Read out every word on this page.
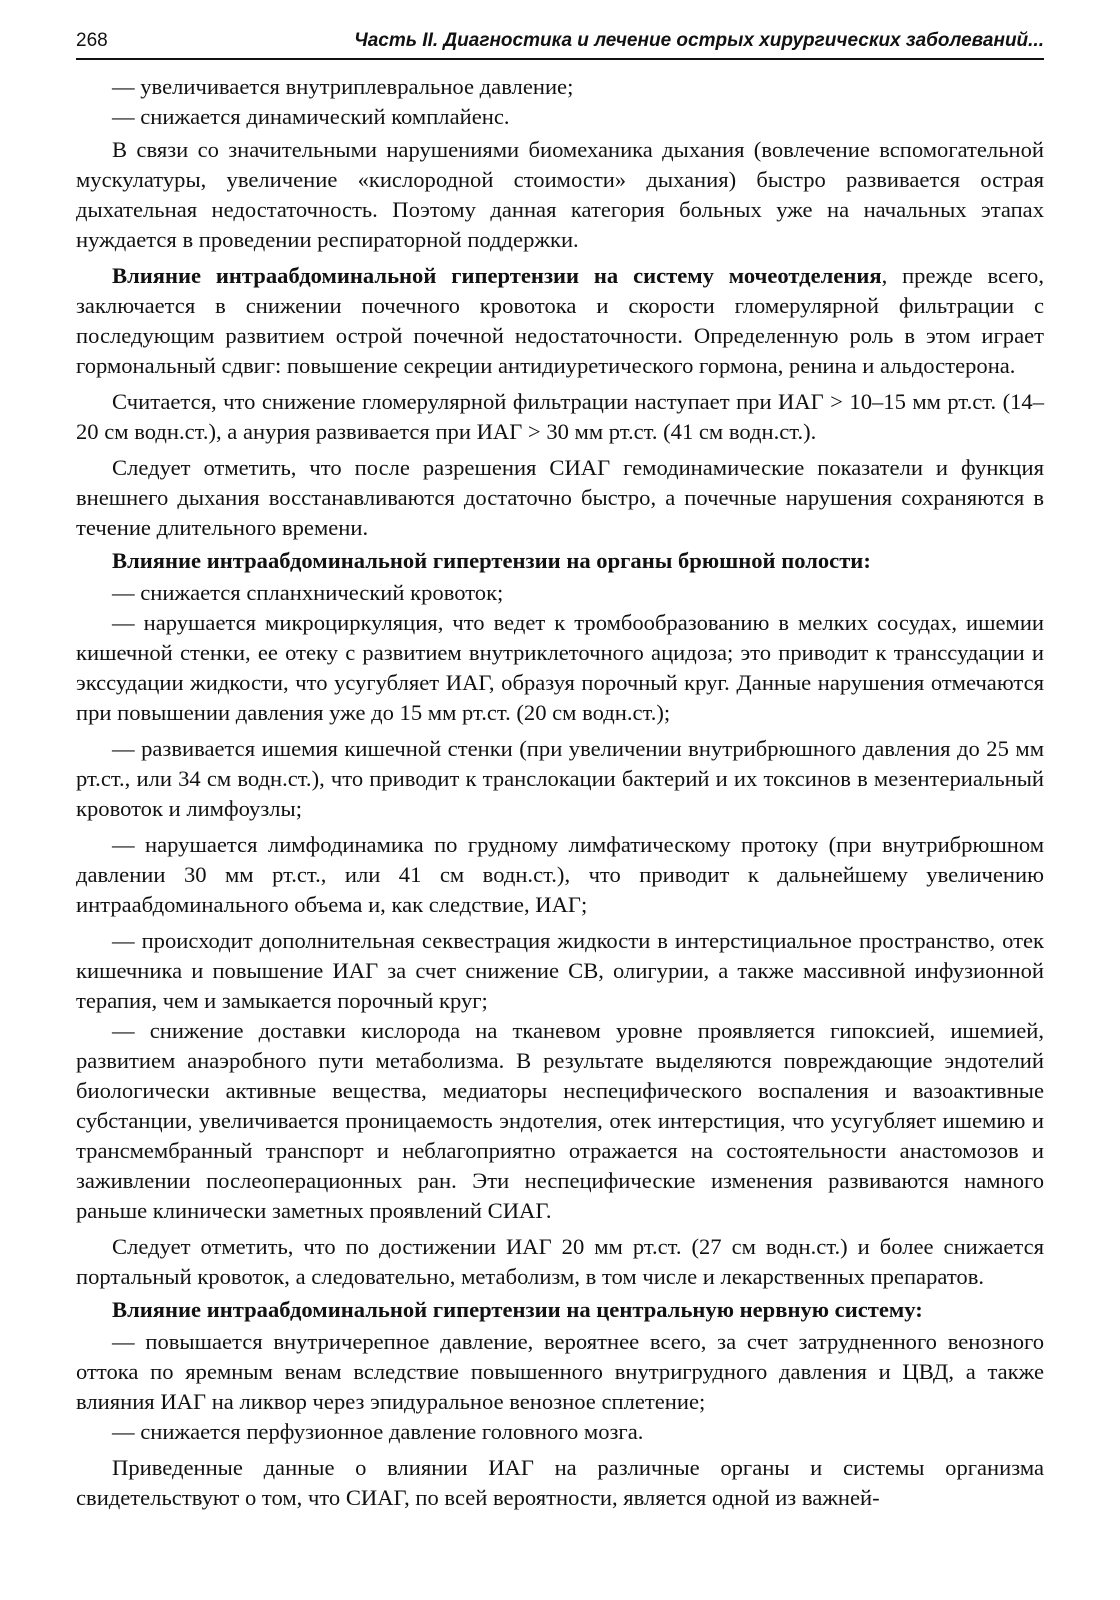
268	Часть II. Диагностика и лечение острых хирургических заболеваний...

— увеличивается внутриплевральное давление;

— снижается динамический комплайенс.

В связи со значительными нарушениями биомеханика дыхания (вовлечение вспомогательной мускулатуры, увеличение «кислородной стоимости» дыхания) быстро развивается острая дыхательная недостаточность. Поэтому данная категория больных уже на начальных этапах нуждается в проведении респираторной поддержки.

Влияние интраабдоминальной гипертензии на систему мочеотделения, прежде всего, заключается в снижении почечного кровотока и скорости гломерулярной фильтрации с последующим развитием острой почечной недостаточности. Определенную роль в этом играет гормональный сдвиг: повышение секреции антидиуретического гормона, ренина и альдостерона.

Считается, что снижение гломерулярной фильтрации наступает при ИАГ > 10–15 мм рт.ст. (14–20 см водн.ст.), а анурия развивается при ИАГ > 30 мм рт.ст. (41 см водн.ст.).

Следует отметить, что после разрешения СИАГ гемодинамические показатели и функция внешнего дыхания восстанавливаются достаточно быстро, а почечные нарушения сохраняются в течение длительного времени.

Влияние интраабдоминальной гипертензии на органы брюшной полости:

— снижается спланхнический кровоток;

— нарушается микроциркуляция, что ведет к тромбообразованию в мелких сосудах, ишемии кишечной стенки, ее отеку с развитием внутриклеточного ацидоза; это приводит к транссудации и экссудации жидкости, что усугубляет ИАГ, образуя порочный круг. Данные нарушения отмечаются при повышении давления уже до 15 мм рт.ст. (20 см водн.ст.);

— развивается ишемия кишечной стенки (при увеличении внутрибрюшного давления до 25 мм рт.ст., или 34 см водн.ст.), что приводит к транслокации бактерий и их токсинов в мезентериальный кровоток и лимфоузлы;

— нарушается лимфодинамика по грудному лимфатическому протоку (при внутрибрюшном давлении 30 мм рт.ст., или 41 см водн.ст.), что приводит к дальнейшему увеличению интраабдоминального объема и, как следствие, ИАГ;

— происходит дополнительная секвестрация жидкости в интерстициальное пространство, отек кишечника и повышение ИАГ за счет снижение СВ, олигурии, а также массивной инфузионной терапия, чем и замыкается порочный круг;

— снижение доставки кислорода на тканевом уровне проявляется гипоксией, ишемией, развитием анаэробного пути метаболизма. В результате выделяются повреждающие эндотелий биологически активные вещества, медиаторы неспецифического воспаления и вазоактивные субстанции, увеличивается проницаемость эндотелия, отек интерстиция, что усугубляет ишемию и трансмембранный транспорт и неблагоприятно отражается на состоятельности анастомозов и заживлении послеоперационных ран. Эти неспецифические изменения развиваются намного раньше клинически заметных проявлений СИАГ.

Следует отметить, что по достижении ИАГ 20 мм рт.ст. (27 см водн.ст.) и более снижается портальный кровоток, а следовательно, метаболизм, в том числе и лекарственных препаратов.

Влияние интраабдоминальной гипертензии на центральную нервную систему:

— повышается внутричерепное давление, вероятнее всего, за счет затрудненного венозного оттока по яремным венам вследствие повышенного внутригрудного давления и ЦВД, а также влияния ИАГ на ликвор через эпидуральное венозное сплетение;

— снижается перфузионное давление головного мозга.

Приведенные данные о влиянии ИАГ на различные органы и системы организма свидетельствуют о том, что СИАГ, по всей вероятности, является одной из важней-
